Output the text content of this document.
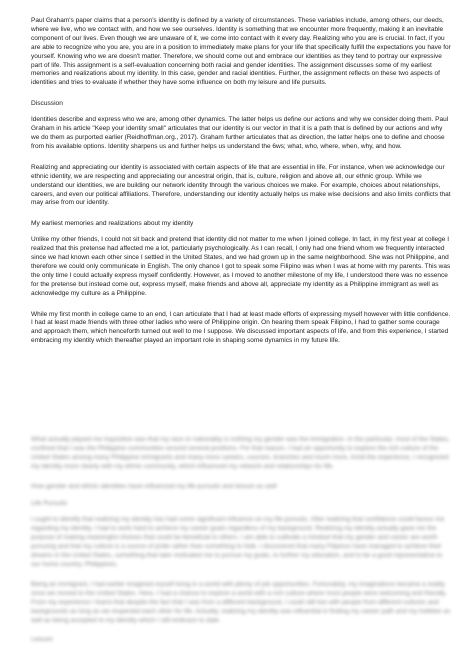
Paul Graham's paper claims that a person's identity is defined by a variety of circumstances. These variables include, among others, our deeds, where we live, who we contact with, and how we see ourselves. Identity is something that we encounter more frequently, making it an inevitable component of our lives. Even though we are unaware of it, we come into contact with it every day. Realizing who you are is crucial. In fact, if you are able to recognize who you are, you are in a position to immediately make plans for your life that specifically fulfill the expectations you have for yourself. Knowing who we are doesn't matter. Therefore, we should come out and embrace our identities as they tend to portray our expressive part of life. This assignment is a self-evaluation concerning both racial and gender identities. The assignment discusses some of my earliest memories and realizations about my identity. In this case, gender and racial identities. Further, the assignment reflects on these two aspects of identities and tries to evaluate if whether they have some influence on both my leisure and life pursuits.

Discussion

Identities describe and express who we are, among other dynamics. The latter helps us define our actions and why we consider doing them. Paul Graham in his article "Keep your identity small" articulates that our identity is our vector in that it is a path that is defined by our actions and why we do them as purported earlier (Reidhoffman.org., 2017). Graham further articulates that as direction, the latter helps one to define and choose from his available options. Identity sharpens us and further helps us understand the 6ws; what, who, where, when, why, and how.

Realizing and appreciating our identity is associated with certain aspects of life that are essential in life. For instance, when we acknowledge our ethnic identity, we are respecting and appreciating our ancestral origin, that is, culture, religion and above all, our ethnic group. While we understand our identities, we are building our network identity through the various choices we make. For example, choices about relationships, careers, and even our political affiliations. Therefore, understanding our identity actually helps us make wise decisions and also limits conflicts that may arise from our identity.

My earliest memories and realizations about my identity

Unlike my other friends, I could not sit back and pretend that identity did not matter to me when I joined college. In fact, in my first year at college I realized that this pretense had affected me a lot, particularly psychologically. As I can recall, I only had one friend whom we frequently interacted since we had known each other since I settled in the United States, and we had grown up in the same neighborhood. She was not Philippine, and therefore we could only communicate in English. The only chance I got to speak some Filipino was when I was at home with my parents. This was the only time I could actually express myself confidently. However, as I moved to another milestone of my life, I understood there was no essence for the pretense but instead come out, express myself, make friends and above all, appreciate my identity as a Philippine immigrant as well as acknowledge my culture as a Philippine.

While my first month in college came to an end, I can articulate that I had at least made efforts of expressing myself however with little confidence. I had at least made friends with three other ladies who were of Philippine origin. On hearing them speak Filipino, I had to gather some courage and approach them, which henceforth turned out well to me I suppose. We discussed important aspects of life, and from this experience, I started embracing my identity which thereafter played an important role in shaping some dynamics in my future life.

What actually piqued me inquisitive was that my race or nationality is nothing my gender was the immigration. In the particular, most of the States, confined that I was the Philippine communities around several positions. For that reason, I had an opportunity to explore the rich culture of the United States among many Philippine immigrants and many more careers, courses, branches and much more. Amid the experience, I recognized my identity more clearly with my ethnic community, which influenced my network and relationships for life.

How gender and ethnic identities have influenced my life pursuits and leisure as well

Life Pursuits

I ought to identify that realizing my identity has had some significant influence on my life pursuits. After realizing that confidence could favour me regarding my identity, I had to work hard to achieve my career goals regardless of my background. Realizing my identity actually gave me the purpose of making meaningful choices that could be beneficial to others. I am able to cultivate a mindset that my gender and career are worth pursuing and that my culture is a source of pride rather than something to hide. I discovered that many Filipinos have managed to achieve their dreams in the United States, something that later motivated me to pursue my goals, to further my education, and to be a good representative to our home country, Philippines.

Being an immigrant, I had earlier imagined myself living in a world with plenty of job opportunities. Fortunately, my imaginations became a reality once we moved to the United States. Here, I had a chance to explore a world with a rich culture where most people were welcoming and friendly. From my experience I learnt that despite the fact that I was from a different background, I could still live with people from different cultures and backgrounds as long as we respected each other for life. Actually, realizing my identity was influential in finding my career path and my hobbies as well as being accepted to my identity which I still embrace to date.

Leisure
